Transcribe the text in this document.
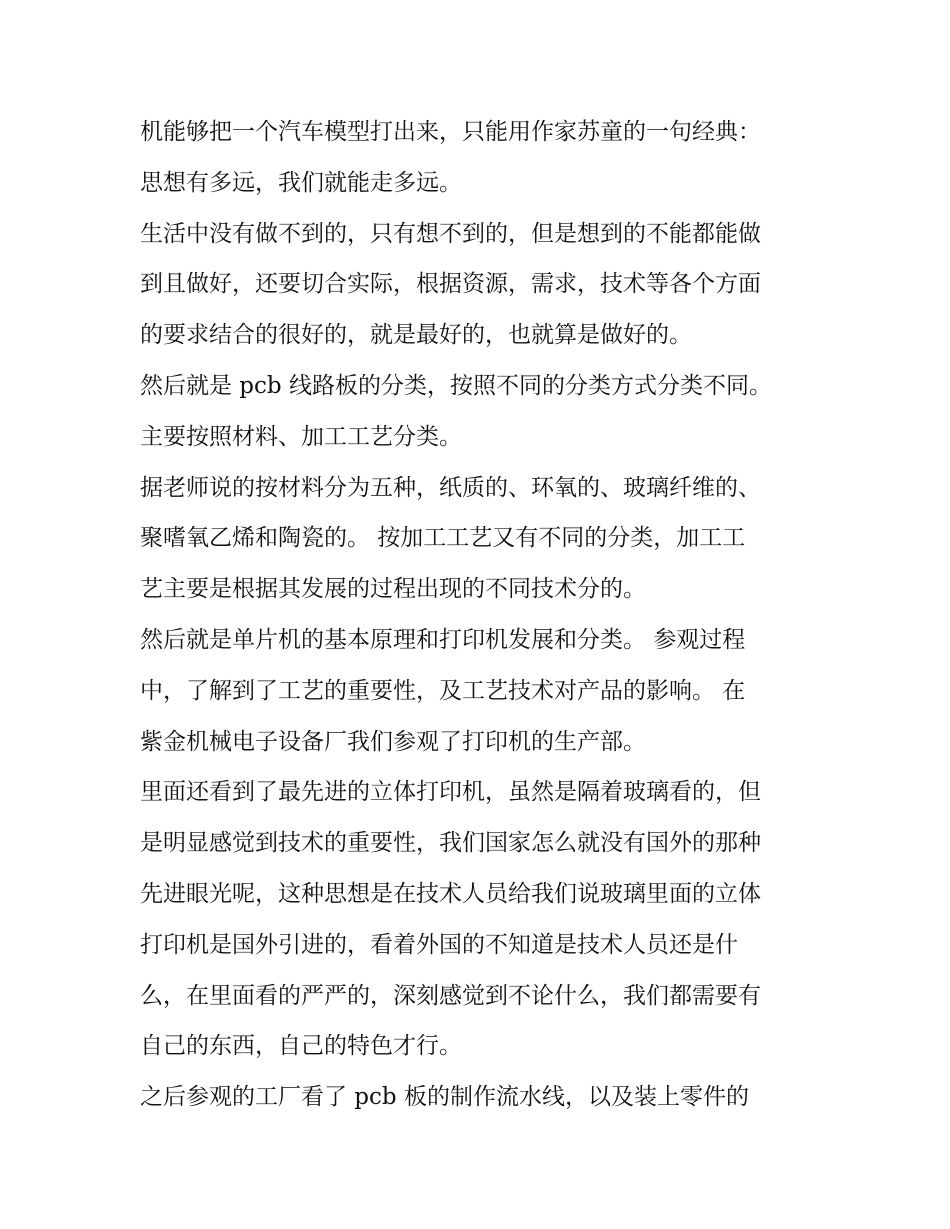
机能够把一个汽车模型打出来，只能用作家苏童的一句经典：
思想有多远，我们就能走多远。
生活中没有做不到的，只有想不到的，但是想到的不能都能做
到且做好，还要切合实际，根据资源，需求，技术等各个方面
的要求结合的很好的，就是最好的，也就算是做好的。
然后就是 pcb 线路板的分类，按照不同的分类方式分类不同。
主要按照材料、加工工艺分类。
据老师说的按材料分为五种，纸质的、环氧的、玻璃纤维的、
聚嗜氧乙烯和陶瓷的。 按加工工艺又有不同的分类，加工工
艺主要是根据其发展的过程出现的不同技术分的。
然后就是单片机的基本原理和打印机发展和分类。 参观过程
中，了解到了工艺的重要性，及工艺技术对产品的影响。 在
紫金机械电子设备厂我们参观了打印机的生产部。
里面还看到了最先进的立体打印机，虽然是隔着玻璃看的，但
是明显感觉到技术的重要性，我们国家怎么就没有国外的那种
先进眼光呢，这种思想是在技术人员给我们说玻璃里面的立体
打印机是国外引进的，看着外国的不知道是技术人员还是什
么，在里面看的严严的，深刻感觉到不论什么，我们都需要有
自己的东西，自己的特色才行。
之后参观的工厂看了 pcb 板的制作流水线，以及装上零件的
